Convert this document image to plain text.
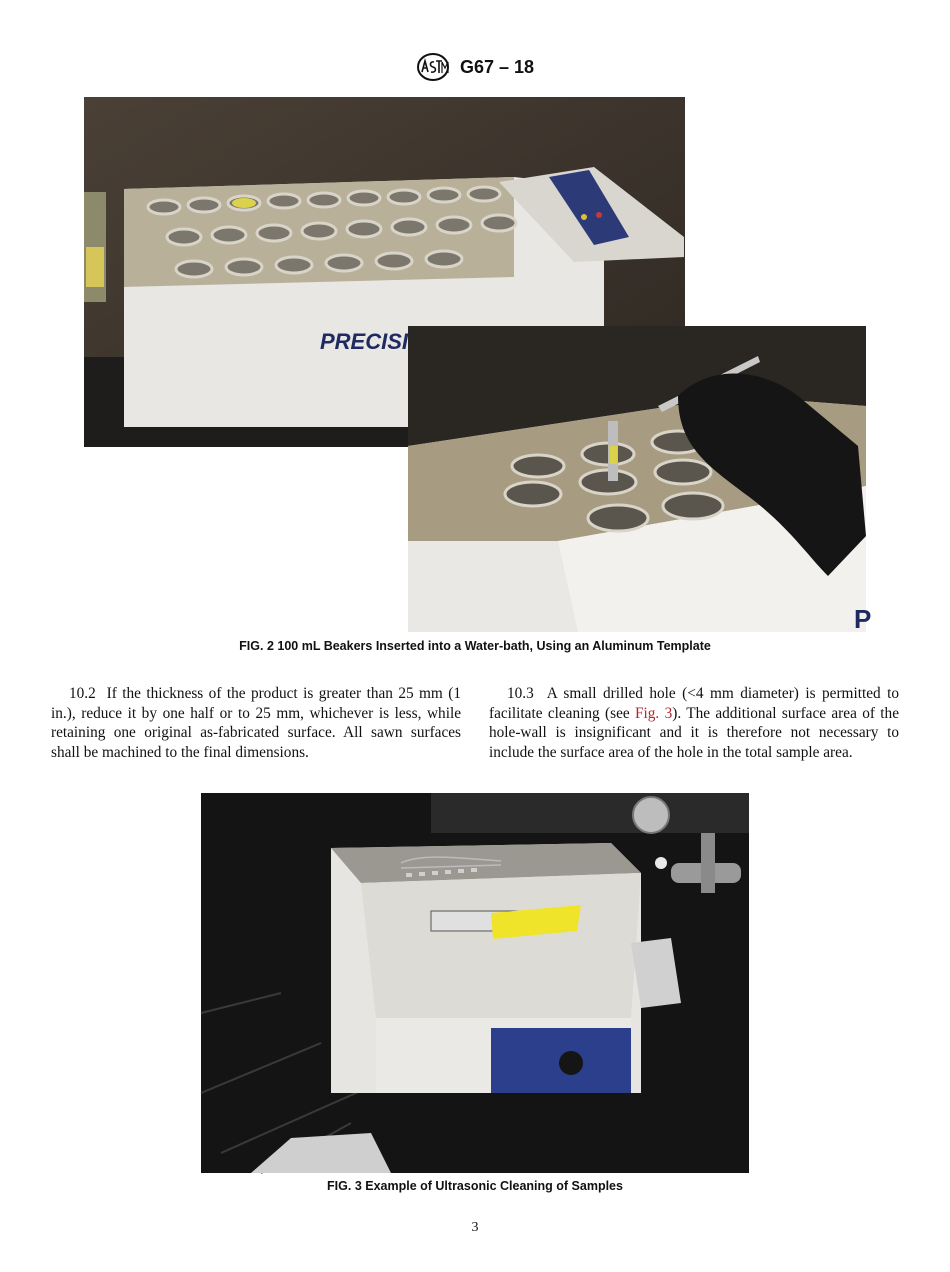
G67 – 18
PRECISI
P
FIG. 2 100 mL Beakers Inserted into a Water-bath, Using an Aluminum Template

10.2 If the thickness of the product is greater than 25 mm (1 in.), reduce it by one half or to 25 mm, whichever is less, while retaining one original as-fabricated surface. All sawn surfaces shall be machined to the final dimensions.

10.3 A small drilled hole (<4 mm diameter) is permitted to facilitate cleaning (see Fig. 3). The additional surface area of the hole-wall is insignificant and it is therefore not necessary to include the surface area of the hole in the total sample area.

FIG. 3 Example of Ultrasonic Cleaning of Samples
3
